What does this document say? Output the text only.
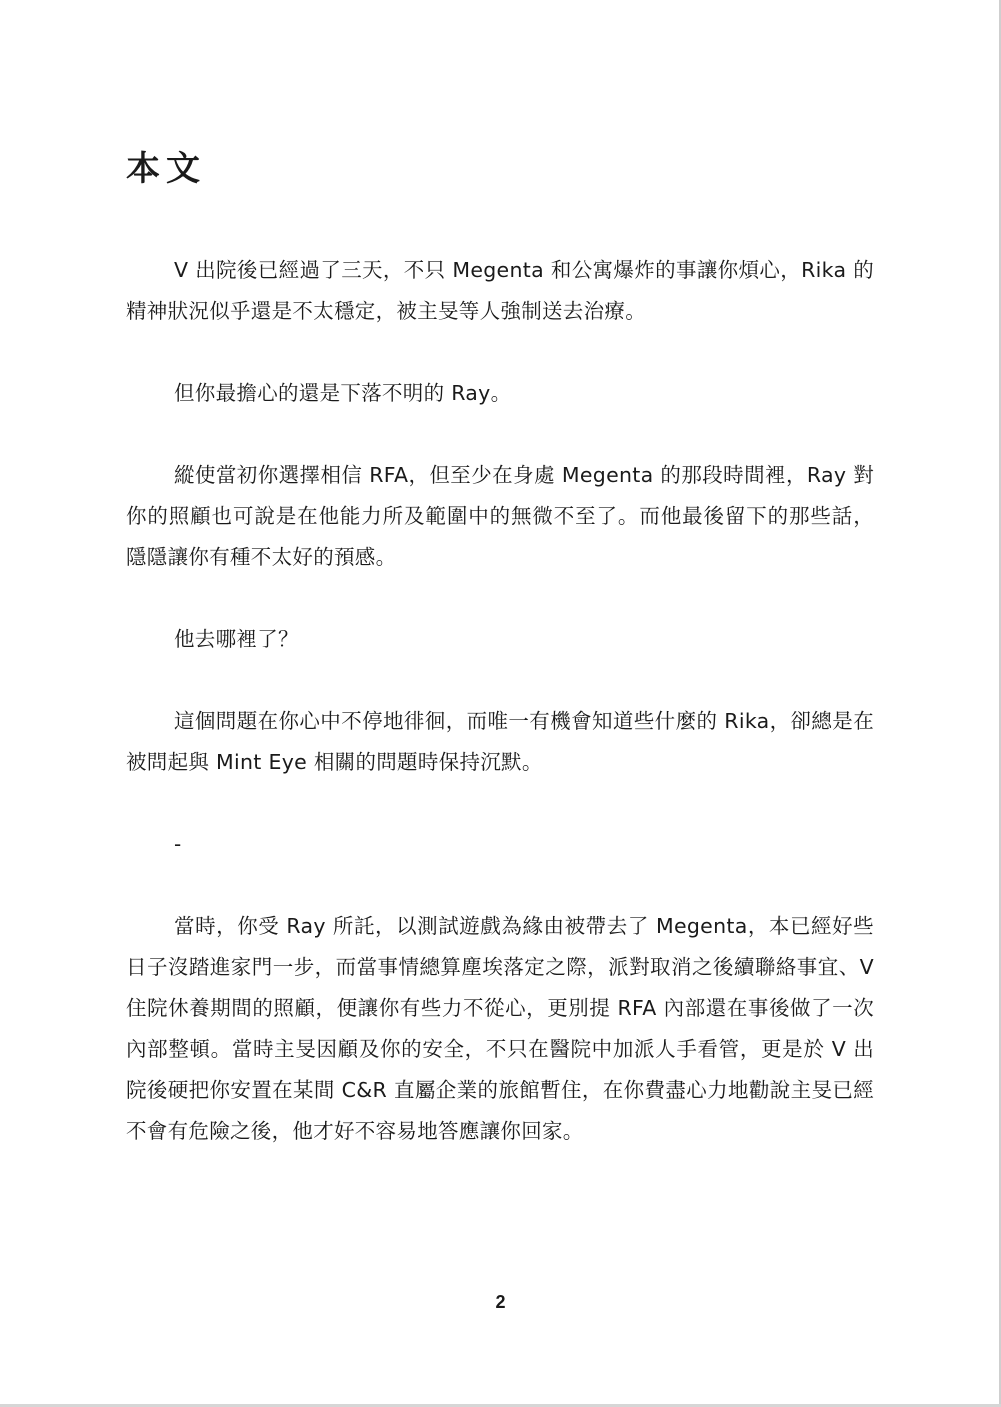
本文

V 出院後已經過了三天，不只 Megenta 和公寓爆炸的事讓你煩心，Rika 的精神狀況似乎還是不太穩定，被主旻等人強制送去治療。

但你最擔心的還是下落不明的 Ray。

縱使當初你選擇相信 RFA，但至少在身處 Megenta 的那段時間裡，Ray 對你的照顧也可說是在他能力所及範圍中的無微不至了。而他最後留下的那些話，隱隱讓你有種不太好的預感。

他去哪裡了？

這個問題在你心中不停地徘徊，而唯一有機會知道些什麼的 Rika，卻總是在被問起與 Mint Eye 相關的問題時保持沉默。

-

當時，你受 Ray 所託，以測試遊戲為緣由被帶去了 Megenta，本已經好些日子沒踏進家門一步，而當事情總算塵埃落定之際，派對取消之後續聯絡事宜、V 住院休養期間的照顧，便讓你有些力不從心，更別提 RFA 內部還在事後做了一次內部整頓。當時主旻因顧及你的安全，不只在醫院中加派人手看管，更是於 V 出院後硬把你安置在某間 C&R 直屬企業的旅館暫住，在你費盡心力地勸說主旻已經不會有危險之後，他才好不容易地答應讓你回家。

2
